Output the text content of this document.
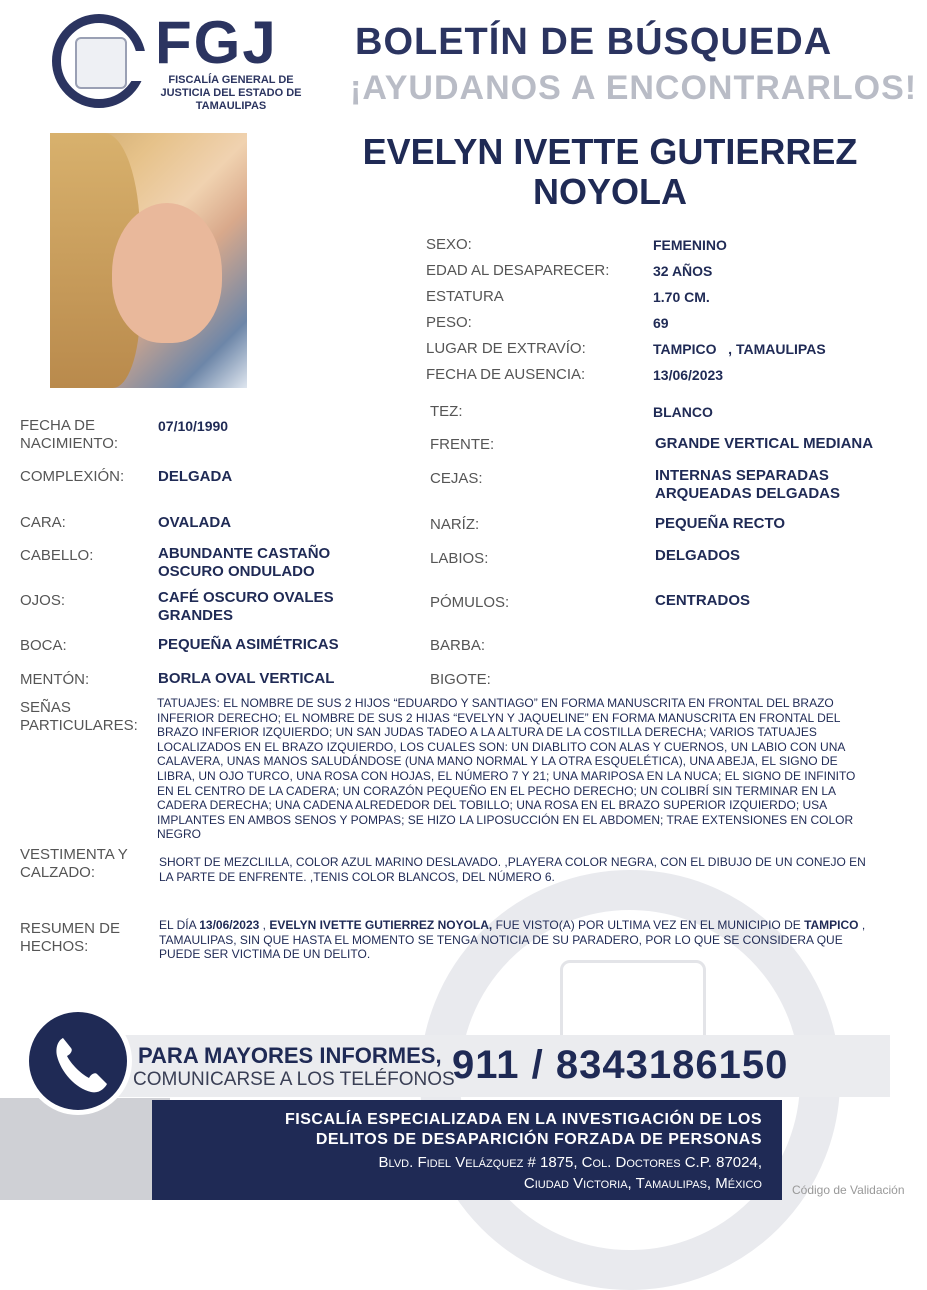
FGJ
FISCALÍA GENERAL DE JUSTICIA DEL ESTADO DE TAMAULIPAS
BOLETÍN DE BÚSQUEDA
¡AYUDANOS A ENCONTRARLOS!
EVELYN IVETTE GUTIERREZ
NOYOLA
SEXO:	FEMENINO
EDAD AL DESAPARECER:	32 AÑOS
ESTATURA	1.70 CM.
PESO:	69
LUGAR DE EXTRAVÍO:	TAMPICO   , TAMAULIPAS
FECHA DE AUSENCIA:	13/06/2023
FECHA DE
NACIMIENTO:
07/10/1990
COMPLEXIÓN: DELGADA
CARA:	OVALADA
CABELLO:	ABUNDANTE CASTAÑO
OSCURO ONDULADO
OJOS:	CAFÉ OSCURO OVALES
GRANDES
BOCA:	PEQUEÑA ASIMÉTRICAS
MENTÓN:	BORLA OVAL VERTICAL
TEZ:	BLANCO
FRENTE:	GRANDE VERTICAL MEDIANA
CEJAS:	INTERNAS SEPARADAS
ARQUEADAS DELGADAS
NARÍZ:	PEQUEÑA RECTO
LABIOS:	DELGADOS
PÓMULOS:	CENTRADOS
BARBA:
BIGOTE:
SEÑAS
PARTICULARES:
TATUAJES: EL NOMBRE DE SUS 2 HIJOS “EDUARDO Y SANTIAGO” EN FORMA MANUSCRITA EN FRONTAL DEL BRAZO INFERIOR DERECHO; EL NOMBRE DE SUS 2 HIJAS “EVELYN Y JAQUELINE” EN FORMA MANUSCRITA EN FRONTAL DEL BRAZO INFERIOR IZQUIERDO; UN SAN JUDAS TADEO A LA ALTURA DE LA COSTILLA DERECHA; VARIOS TATUAJES LOCALIZADOS EN EL BRAZO IZQUIERDO, LOS CUALES SON: UN DIABLITO CON ALAS Y CUERNOS, UN LABIO CON UNA CALAVERA, UNAS MANOS SALUDÁNDOSE (UNA MANO NORMAL Y LA OTRA ESQUELÉTICA), UNA ABEJA, EL SIGNO DE LIBRA, UN OJO TURCO, UNA ROSA CON HOJAS, EL NÚMERO 7 Y 21; UNA MARIPOSA EN LA NUCA; EL SIGNO DE INFINITO EN EL CENTRO DE LA CADERA; UN CORAZÓN PEQUEÑO EN EL PECHO DERECHO; UN COLIBRÍ SIN TERMINAR EN LA CADERA DERECHA; UNA CADENA ALREDEDOR DEL TOBILLO; UNA ROSA EN EL BRAZO SUPERIOR IZQUIERDO; USA IMPLANTES EN AMBOS SENOS Y POMPAS; SE HIZO LA LIPOSUCCIÓN EN EL ABDOMEN; TRAE EXTENSIONES EN COLOR NEGRO
VESTIMENTA Y
CALZADO:
SHORT DE MEZCLILLA, COLOR AZUL MARINO DESLAVADO. ,PLAYERA COLOR NEGRA, CON EL DIBUJO DE UN CONEJO EN LA PARTE DE ENFRENTE. ,TENIS COLOR BLANCOS, DEL NÚMERO 6.
RESUMEN DE
HECHOS:
EL DÍA 13/06/2023 , EVELYN IVETTE GUTIERREZ NOYOLA, FUE VISTO(A) POR ULTIMA VEZ EN EL MUNICIPIO DE TAMPICO , TAMAULIPAS, SIN QUE HASTA EL MOMENTO SE TENGA NOTICIA DE SU PARADERO, POR LO QUE SE CONSIDERA QUE PUEDE SER VICTIMA DE UN DELITO.
PARA MAYORES INFORMES,
COMUNICARSE A LOS TELÉFONOS
911 / 8343186150
FISCALÍA ESPECIALIZADA EN LA INVESTIGACIÓN DE LOS
DELITOS DE DESAPARICIÓN FORZADA DE PERSONAS
Blvd. Fidel Velázquez # 1875, Col. Doctores C.P. 87024,
Ciudad Victoria, Tamaulipas, México	Código de Validación
